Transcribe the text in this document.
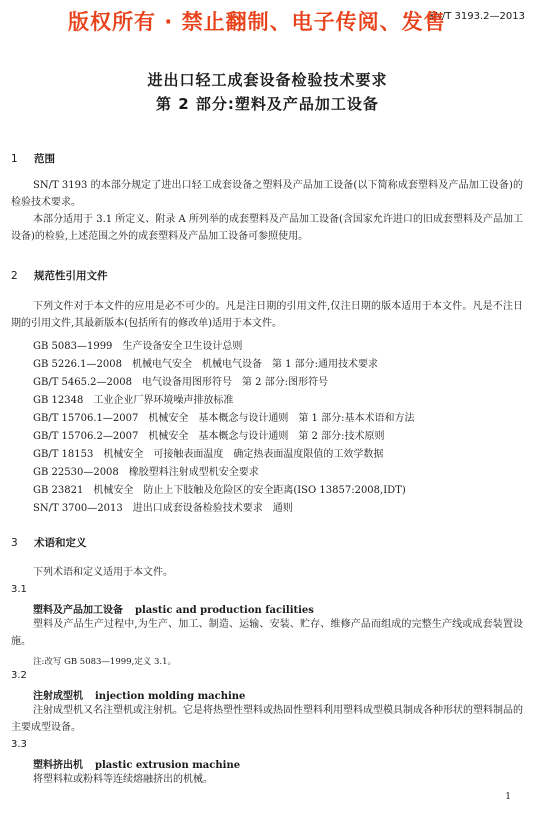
版权所有 · 禁止翻制、电子传阅、发售
SN/T 3193.2—2013
进出口轻工成套设备检验技术要求
第 2 部分:塑料及产品加工设备
1 范围
SN/T 3193 的本部分规定了进出口轻工成套设备之塑料及产品加工设备(以下简称成套塑料及产品加工设备)的检验技术要求。
本部分适用于 3.1 所定义、附录 A 所列举的成套塑料及产品加工设备(含国家允许进口的旧成套塑料及产品加工设备)的检验,上述范围之外的成套塑料及产品加工设备可参照使用。
2 规范性引用文件
下列文件对于本文件的应用是必不可少的。凡是注日期的引用文件,仅注日期的版本适用于本文件。凡是不注日期的引用文件,其最新版本(包括所有的修改单)适用于本文件。
GB 5083—1999　生产设备安全卫生设计总则
GB 5226.1—2008　机械电气安全　机械电气设备　第 1 部分:通用技术要求
GB/T 5465.2—2008　电气设备用图形符号　第 2 部分:图形符号
GB 12348　工业企业厂界环境噪声排放标准
GB/T 15706.1—2007　机械安全　基本概念与设计通则　第 1 部分:基本术语和方法
GB/T 15706.2—2007　机械安全　基本概念与设计通则　第 2 部分:技术原则
GB/T 18153　机械安全　可接触表面温度　确定热表面温度限值的工效学数据
GB 22530—2008　橡胶塑料注射成型机安全要求
GB 23821　机械安全　防止上下肢触及危险区的安全距离(ISO 13857:2008,IDT)
SN/T 3700—2013　进出口成套设备检验技术要求　通则
3 术语和定义
下列术语和定义适用于本文件。
3.1
塑料及产品加工设备 plastic and production facilities
塑料及产品生产过程中,为生产、加工、制造、运输、安装、贮存、维修产品而组成的完整生产线或成套装置设施。
注:改写 GB 5083—1999,定义 3.1。
3.2
注射成型机 injection molding machine
注射成型机又名注塑机或注射机。它是将热塑性塑料或热固性塑料利用塑料成型模具制成各种形状的塑料制品的主要成型设备。
3.3
塑料挤出机 plastic extrusion machine
将塑料粒或粉料等连续熔融挤出的机械。
1
